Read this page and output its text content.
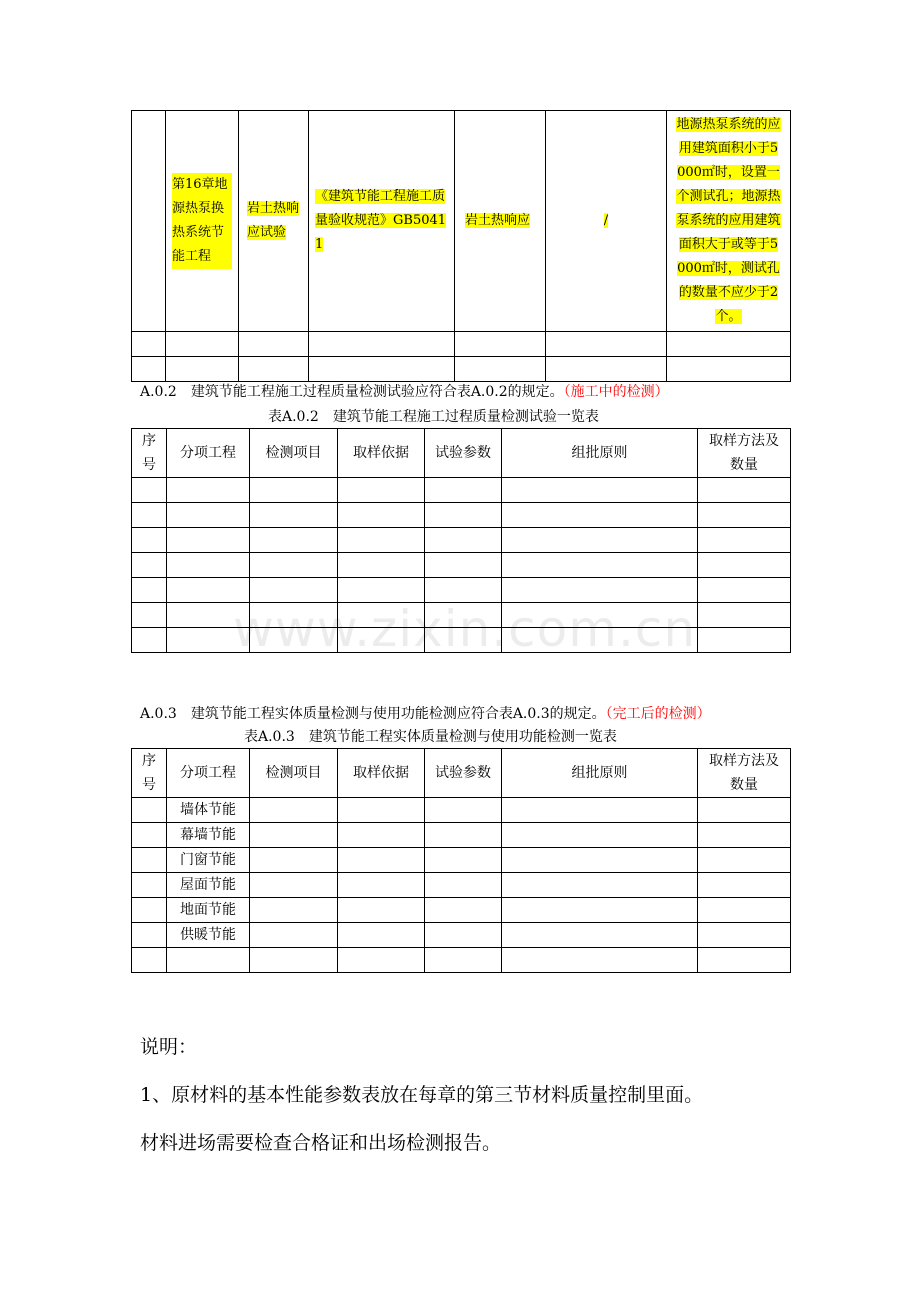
	第16章地源热泵换热系统节能工程	岩土热响应试验	《建筑节能工程施工质量验收规范》GB50411	岩土热响应	/	地源热泵系统的应用建筑面积小于5000㎡时，设置一个测试孔；地源热泵系统的应用建筑面积大于或等于5000㎡时，测试孔的数量不应少于2个。

A.0.2　建筑节能工程施工过程质量检测试验应符合表A.0.2的规定。（施工中的检测）
表A.0.2　建筑节能工程施工过程质量检测试验一览表
序号	分项工程	检测项目	取样依据	试验参数	组批原则	取样方法及数量

www.zixin.com.cn
A.0.3　建筑节能工程实体质量检测与使用功能检测应符合表A.0.3的规定。（完工后的检测）
表A.0.3　建筑节能工程实体质量检测与使用功能检测一览表
序号	分项工程	检测项目	取样依据	试验参数	组批原则	取样方法及数量
	墙体节能					
	幕墙节能					
	门窗节能					
	屋面节能					
	地面节能					
	供暖节能					

说明：
1、原材料的基本性能参数表放在每章的第三节材料质量控制里面。
材料进场需要检查合格证和出场检测报告。
